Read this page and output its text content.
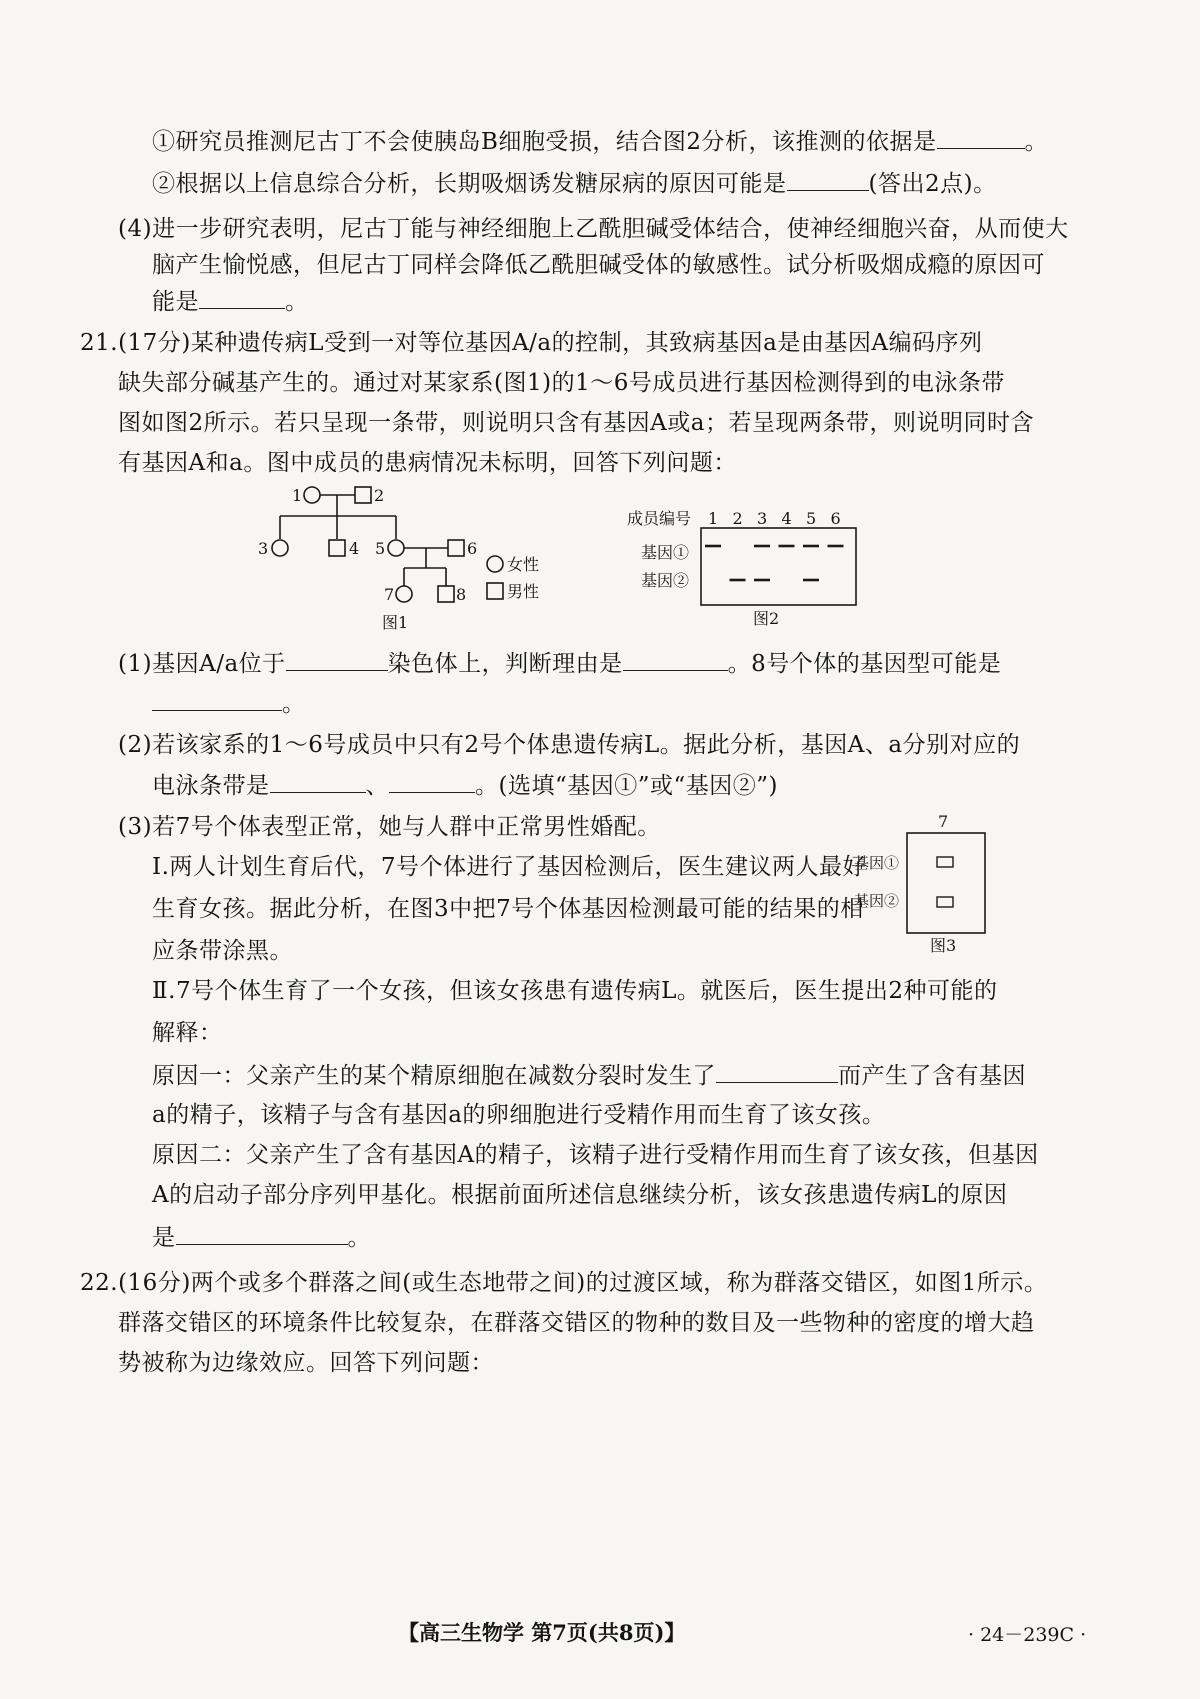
①研究员推测尼古丁不会使胰岛B细胞受损，结合图2分析，该推测的依据是	。
②根据以上信息综合分析，长期吸烟诱发糖尿病的原因可能是	(答出2点)。
(4)进一步研究表明，尼古丁能与神经细胞上乙酰胆碱受体结合，使神经细胞兴奋，从而使大
脑产生愉悦感，但尼古丁同样会降低乙酰胆碱受体的敏感性。试分析吸烟成瘾的原因可
能是	。
21.(17分)某种遗传病L受到一对等位基因A/a的控制，其致病基因a是由基因A编码序列
缺失部分碱基产生的。通过对某家系(图1)的1～6号成员进行基因检测得到的电泳条带
图如图2所示。若只呈现一条带，则说明只含有基因A或a；若呈现两条带，则说明同时含
有基因A和a。图中成员的患病情况未标明，回答下列问题：
1	2
3	4 5	6
7	8
女性
男性
图1
成员编号
基因①
基因②
1 2 3 4 5 6
图2
(1)基因A/a位于	染色体上，判断理由是	。8号个体的基因型可能是
。
(2)若该家系的1～6号成员中只有2号个体患遗传病L。据此分析，基因A、a分别对应的
电泳条带是	、	。(选填“基因①”或“基因②”)
(3)若7号个体表型正常，她与人群中正常男性婚配。
Ⅰ.两人计划生育后代，7号个体进行了基因检测后，医生建议两人最好
生育女孩。据此分析，在图3中把7号个体基因检测最可能的结果的相
应条带涂黑。
7
基因①
基因②
图3
Ⅱ.7号个体生育了一个女孩，但该女孩患有遗传病L。就医后，医生提出2种可能的
解释：
原因一：父亲产生的某个精原细胞在减数分裂时发生了	而产生了含有基因
a的精子，该精子与含有基因a的卵细胞进行受精作用而生育了该女孩。
原因二：父亲产生了含有基因A的精子，该精子进行受精作用而生育了该女孩，但基因
A的启动子部分序列甲基化。根据前面所述信息继续分析，该女孩患遗传病L的原因
是	。
22.(16分)两个或多个群落之间(或生态地带之间)的过渡区域，称为群落交错区，如图1所示。
群落交错区的环境条件比较复杂，在群落交错区的物种的数目及一些物种的密度的增大趋
势被称为边缘效应。回答下列问题：
【高三生物学 第7页(共8页)】	· 24－239C ·
